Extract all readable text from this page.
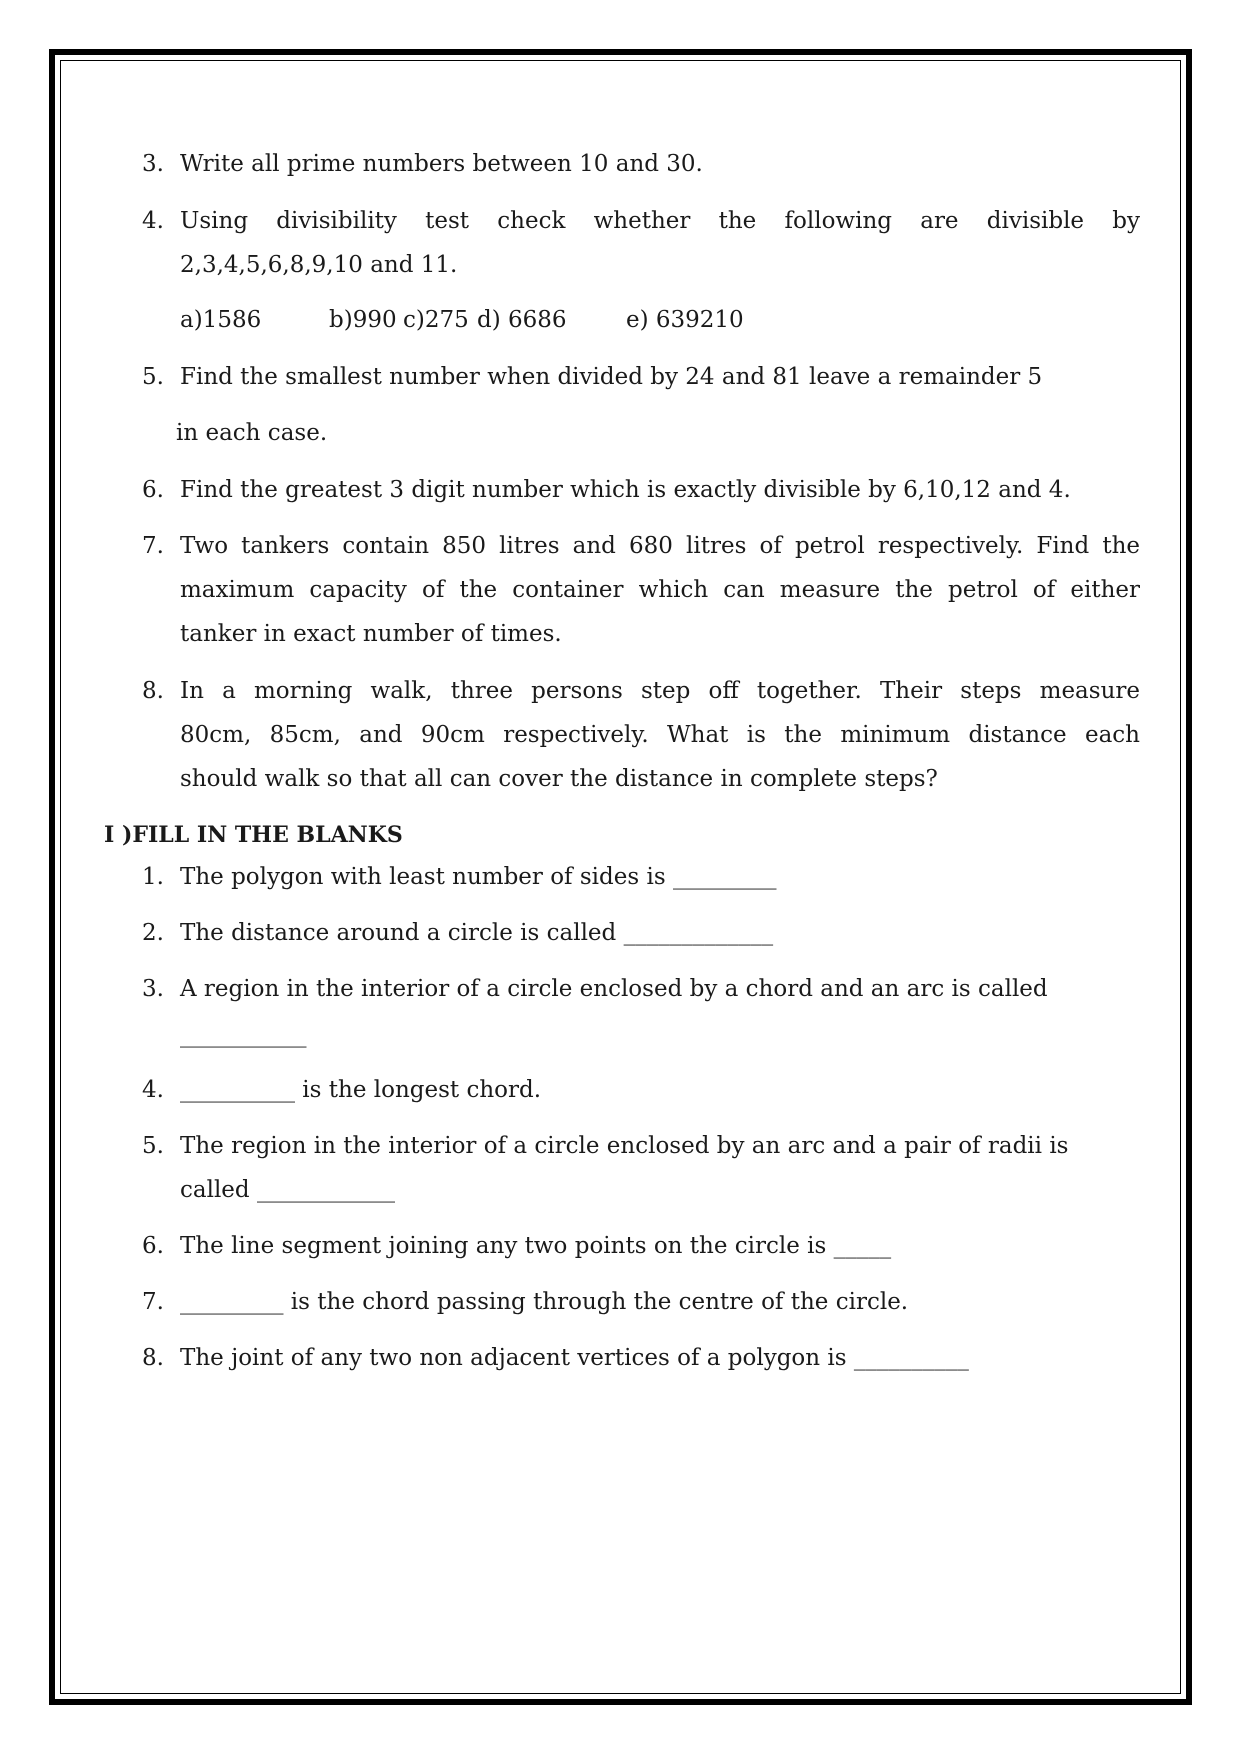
3. Write all prime numbers between 10 and 30.
4. Using divisibility test check whether the following are divisible by
2,3,4,5,6,8,9,10 and 11.
a)1586	b)990 c)275 d) 6686	e) 639210
5. Find the smallest number when divided by 24 and 81 leave a remainder 5
in each case.
6. Find the greatest 3 digit number which is exactly divisible by 6,10,12 and 4.
7. Two tankers contain 850 litres and 680 litres of petrol respectively. Find the
maximum capacity of the container which can measure the petrol of either
tanker in exact number of times.
8. In a morning walk, three persons step off together. Their steps measure
80cm, 85cm, and 90cm respectively. What is the minimum distance each
should walk so that all can cover the distance in complete steps?
I )FILL IN THE BLANKS
1. The polygon with least number of sides is _________
2. The distance around a circle is called _____________
3. A region in the interior of a circle enclosed by a chord and an arc is called
___________
4. __________ is the longest chord.
5. The region in the interior of a circle enclosed by an arc and a pair of radii is
called ____________
6. The line segment joining any two points on the circle is _____
7. _________ is the chord passing through the centre of the circle.
8. The joint of any two non adjacent vertices of a polygon is __________
